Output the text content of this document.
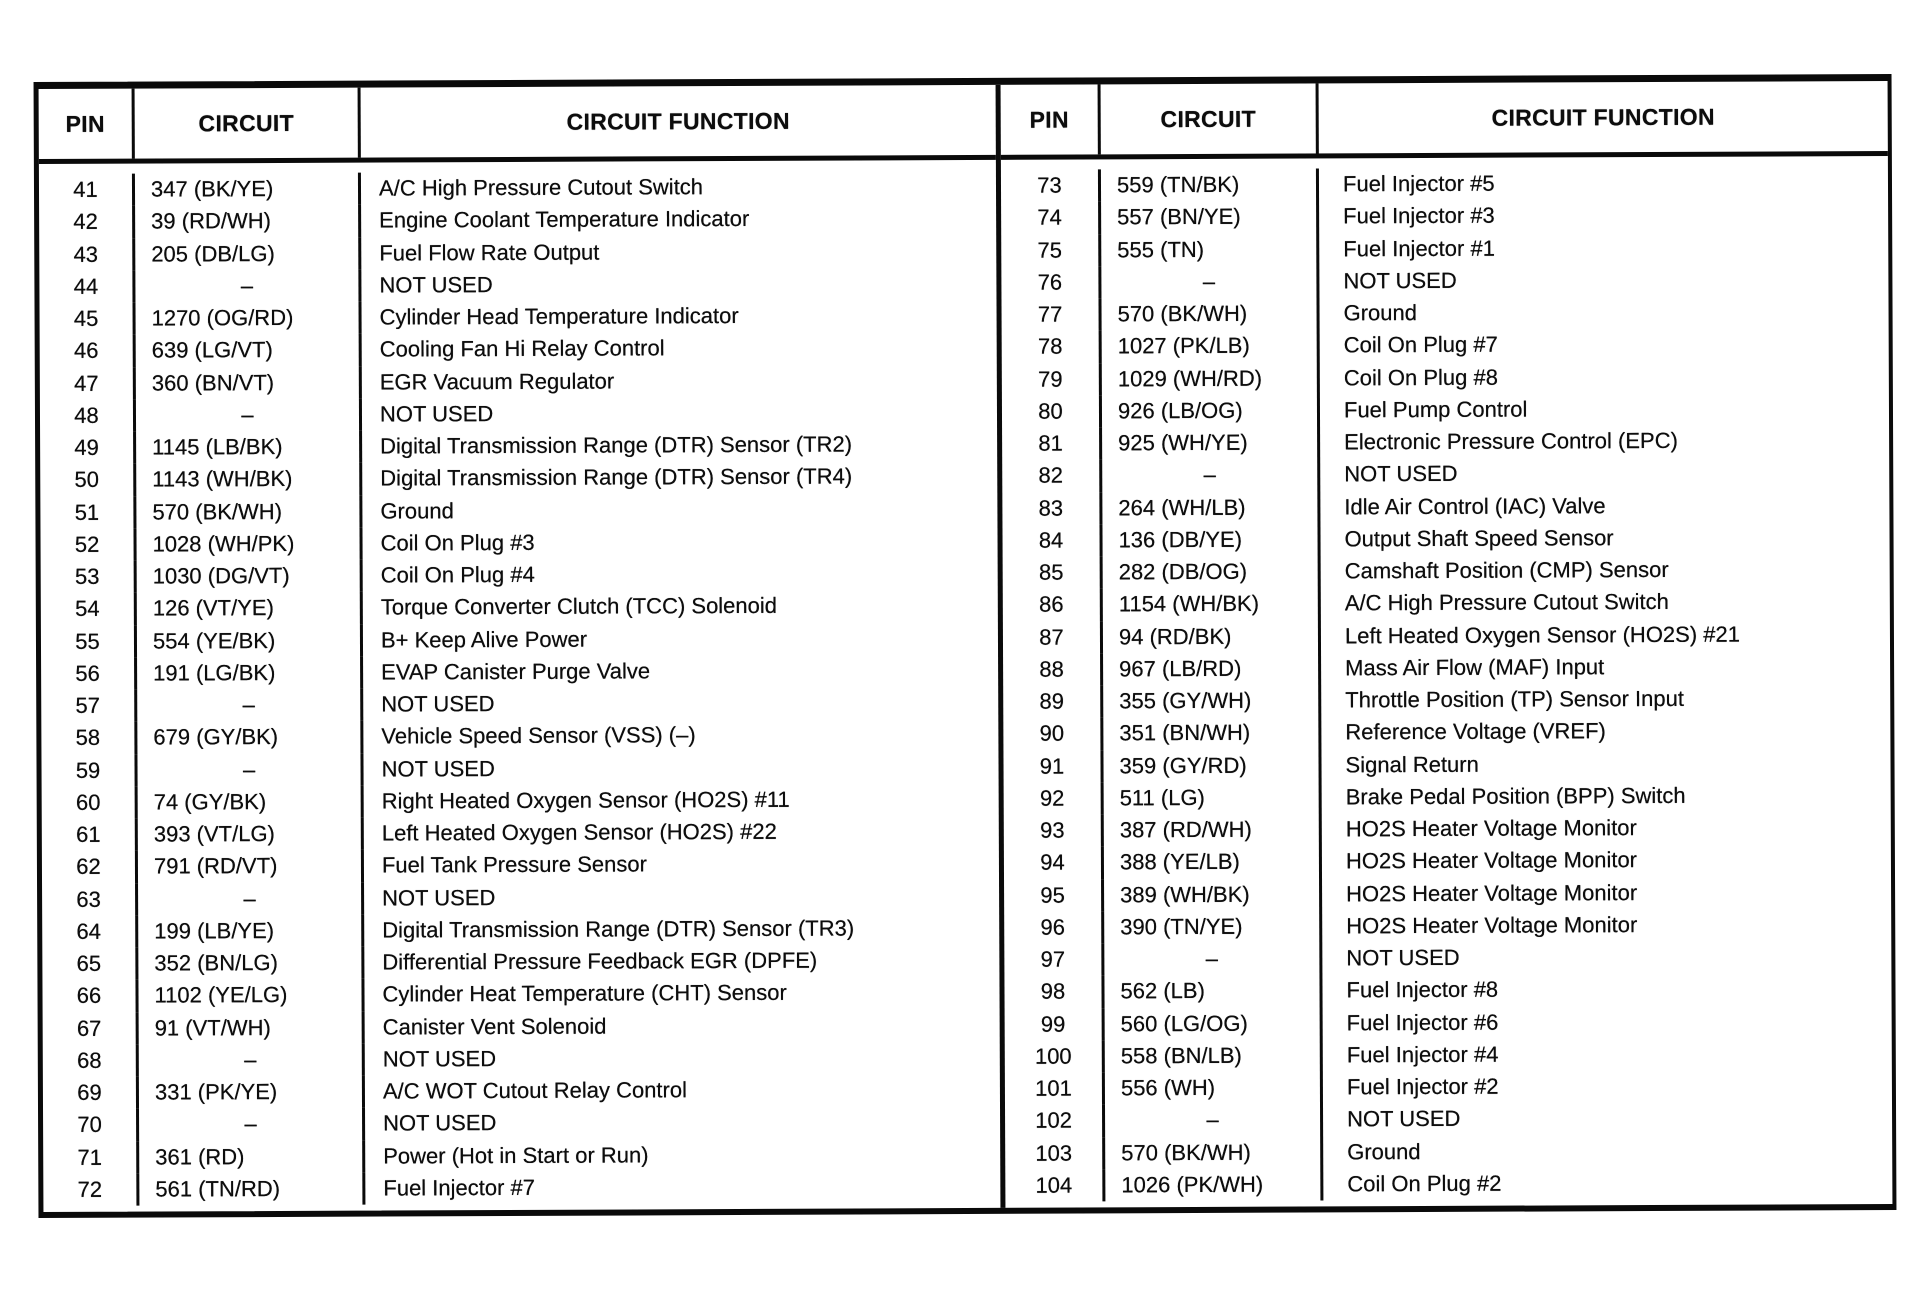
PIN	CIRCUIT	CIRCUIT FUNCTION
41	347 (BK/YE)	A/C High Pressure Cutout Switch
42	39 (RD/WH)	Engine Coolant Temperature Indicator
43	205 (DB/LG)	Fuel Flow Rate Output
44	–	NOT USED
45	1270 (OG/RD)	Cylinder Head Temperature Indicator
46	639 (LG/VT)	Cooling Fan Hi Relay Control
47	360 (BN/VT)	EGR Vacuum Regulator
48	–	NOT USED
49	1145 (LB/BK)	Digital Transmission Range (DTR) Sensor (TR2)
50	1143 (WH/BK)	Digital Transmission Range (DTR) Sensor (TR4)
51	570 (BK/WH)	Ground
52	1028 (WH/PK)	Coil On Plug #3
53	1030 (DG/VT)	Coil On Plug #4
54	126 (VT/YE)	Torque Converter Clutch (TCC) Solenoid
55	554 (YE/BK)	B+ Keep Alive Power
56	191 (LG/BK)	EVAP Canister Purge Valve
57	–	NOT USED
58	679 (GY/BK)	Vehicle Speed Sensor (VSS) (–)
59	–	NOT USED
60	74 (GY/BK)	Right Heated Oxygen Sensor (HO2S) #11
61	393 (VT/LG)	Left Heated Oxygen Sensor (HO2S) #22
62	791 (RD/VT)	Fuel Tank Pressure Sensor
63	–	NOT USED
64	199 (LB/YE)	Digital Transmission Range (DTR) Sensor (TR3)
65	352 (BN/LG)	Differential Pressure Feedback EGR (DPFE)
66	1102 (YE/LG)	Cylinder Heat Temperature (CHT) Sensor
67	91 (VT/WH)	Canister Vent Solenoid
68	–	NOT USED
69	331 (PK/YE)	A/C WOT Cutout Relay Control
70	–	NOT USED
71	361 (RD)	Power (Hot in Start or Run)
72	561 (TN/RD)	Fuel Injector #7
PIN	CIRCUIT	CIRCUIT FUNCTION
73	559 (TN/BK)	Fuel Injector #5
74	557 (BN/YE)	Fuel Injector #3
75	555 (TN)	Fuel Injector #1
76	–	NOT USED
77	570 (BK/WH)	Ground
78	1027 (PK/LB)	Coil On Plug #7
79	1029 (WH/RD)	Coil On Plug #8
80	926 (LB/OG)	Fuel Pump Control
81	925 (WH/YE)	Electronic Pressure Control (EPC)
82	–	NOT USED
83	264 (WH/LB)	Idle Air Control (IAC) Valve
84	136 (DB/YE)	Output Shaft Speed Sensor
85	282 (DB/OG)	Camshaft Position (CMP) Sensor
86	1154 (WH/BK)	A/C High Pressure Cutout Switch
87	94 (RD/BK)	Left Heated Oxygen Sensor (HO2S) #21
88	967 (LB/RD)	Mass Air Flow (MAF) Input
89	355 (GY/WH)	Throttle Position (TP) Sensor Input
90	351 (BN/WH)	Reference Voltage (VREF)
91	359 (GY/RD)	Signal Return
92	511 (LG)	Brake Pedal Position (BPP) Switch
93	387 (RD/WH)	HO2S Heater Voltage Monitor
94	388 (YE/LB)	HO2S Heater Voltage Monitor
95	389 (WH/BK)	HO2S Heater Voltage Monitor
96	390 (TN/YE)	HO2S Heater Voltage Monitor
97	–	NOT USED
98	562 (LB)	Fuel Injector #8
99	560 (LG/OG)	Fuel Injector #6
100	558 (BN/LB)	Fuel Injector #4
101	556 (WH)	Fuel Injector #2
102	–	NOT USED
103	570 (BK/WH)	Ground
104	1026 (PK/WH)	Coil On Plug #2
